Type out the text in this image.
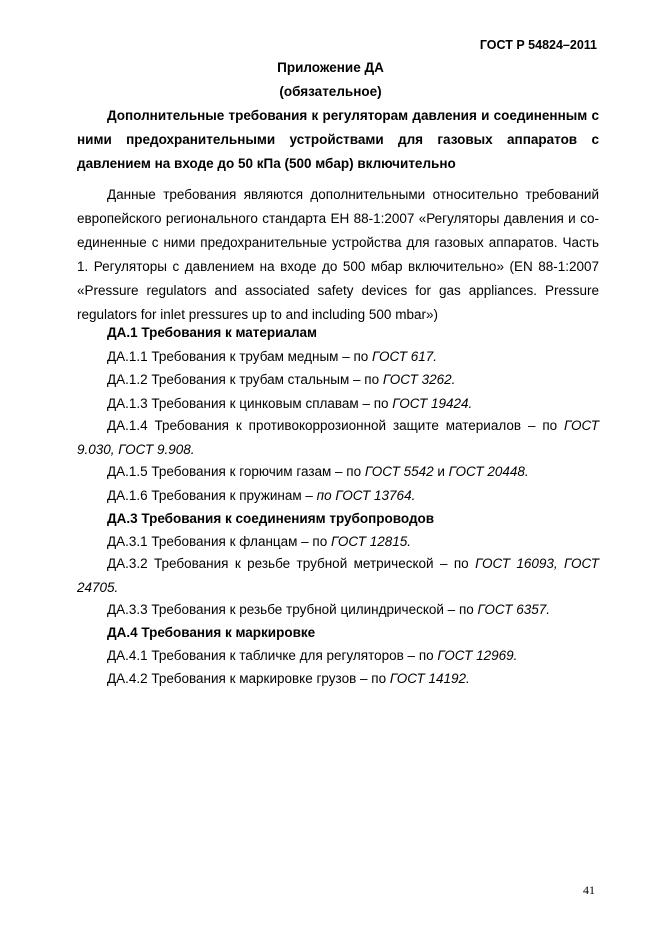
ГОСТ Р 54824–2011
Приложение ДА
(обязательное)
Дополнительные требования к регуляторам давления и соединенным с ними предохранительными устройствами для газовых аппаратов с давлением на входе до 50 кПа (500 мбар) включительно
Данные требования являются дополнительными относительно требований европейского регионального стандарта ЕН 88-1:2007 «Регуляторы давления и со-единенные с ними предохранительные устройства для газовых аппаратов. Часть 1. Регуляторы с давлением на входе до 500 мбар включительно» (EN 88-1:2007 «Pressure regulators and associated safety devices for gas appliances. Pressure regulators for inlet pressures up to and including 500 mbar»)
ДА.1 Требования к материалам
ДА.1.1 Требования к трубам медным – по ГОСТ 617.
ДА.1.2 Требования к трубам стальным – по ГОСТ 3262.
ДА.1.3 Требования к цинковым сплавам – по ГОСТ 19424.
ДА.1.4 Требования к противокоррозионной защите материалов – по ГОСТ 9.030, ГОСТ 9.908.
ДА.1.5 Требования к горючим газам – по ГОСТ 5542 и ГОСТ 20448.
ДА.1.6 Требования к пружинам – по ГОСТ 13764.
ДА.3 Требования к соединениям трубопроводов
ДА.3.1 Требования к фланцам – по ГОСТ 12815.
ДА.3.2 Требования к резьбе трубной метрической – по ГОСТ 16093, ГОСТ 24705.
ДА.3.3 Требования к резьбе трубной цилиндрической – по ГОСТ 6357.
ДА.4 Требования к маркировке
ДА.4.1 Требования к табличке для регуляторов – по ГОСТ 12969.
ДА.4.2 Требования к маркировке грузов – по ГОСТ 14192.
41
